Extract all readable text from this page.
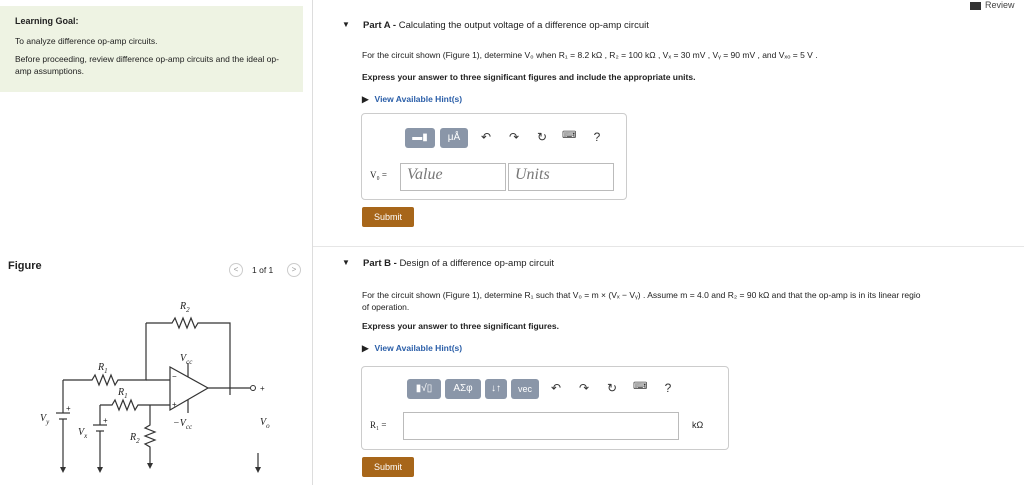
Learning Goal:
To analyze difference op-amp circuits.
Before proceeding, review difference op-amp circuits and the ideal op-amp assumptions.
Figure	<	1 of 1	>
$R_2$
$R_1$
$R_1$
$R_2$
$V_{cc}$
$-V_{cc}$
$V_y$
$V_x$
$V_o$
−
+
+
+
+
Review
▼ Part A - Calculating the output voltage of a difference op-amp circuit
For the circuit shown (Figure 1), determine V₀ when R₁ = 8.2 kΩ , R₂ = 100 kΩ , Vₓ = 30 mV , Vᵧ = 90 mV , and Vₓₒ = 5 V .
Express your answer to three significant figures and include the appropriate units.
▶ View Available Hint(s)
▬▮	μÅ	↶ ↷ ↻ ⌨	?
V₀ =	Value	Units
Submit
▼ Part B - Design of a difference op-amp circuit
For the circuit shown (Figure 1), determine R₁ such that V₀ = m × (Vₓ − Vᵧ) . Assume m = 4.0 and R₂ = 90 kΩ and that the op-amp is in its linear regio
of operation.
Express your answer to three significant figures.
▶ View Available Hint(s)
▮√▯	ΑΣφ	↓↑	vec	↶ ↷ ↻ ⌨	?
R₁ =	kΩ
Submit
